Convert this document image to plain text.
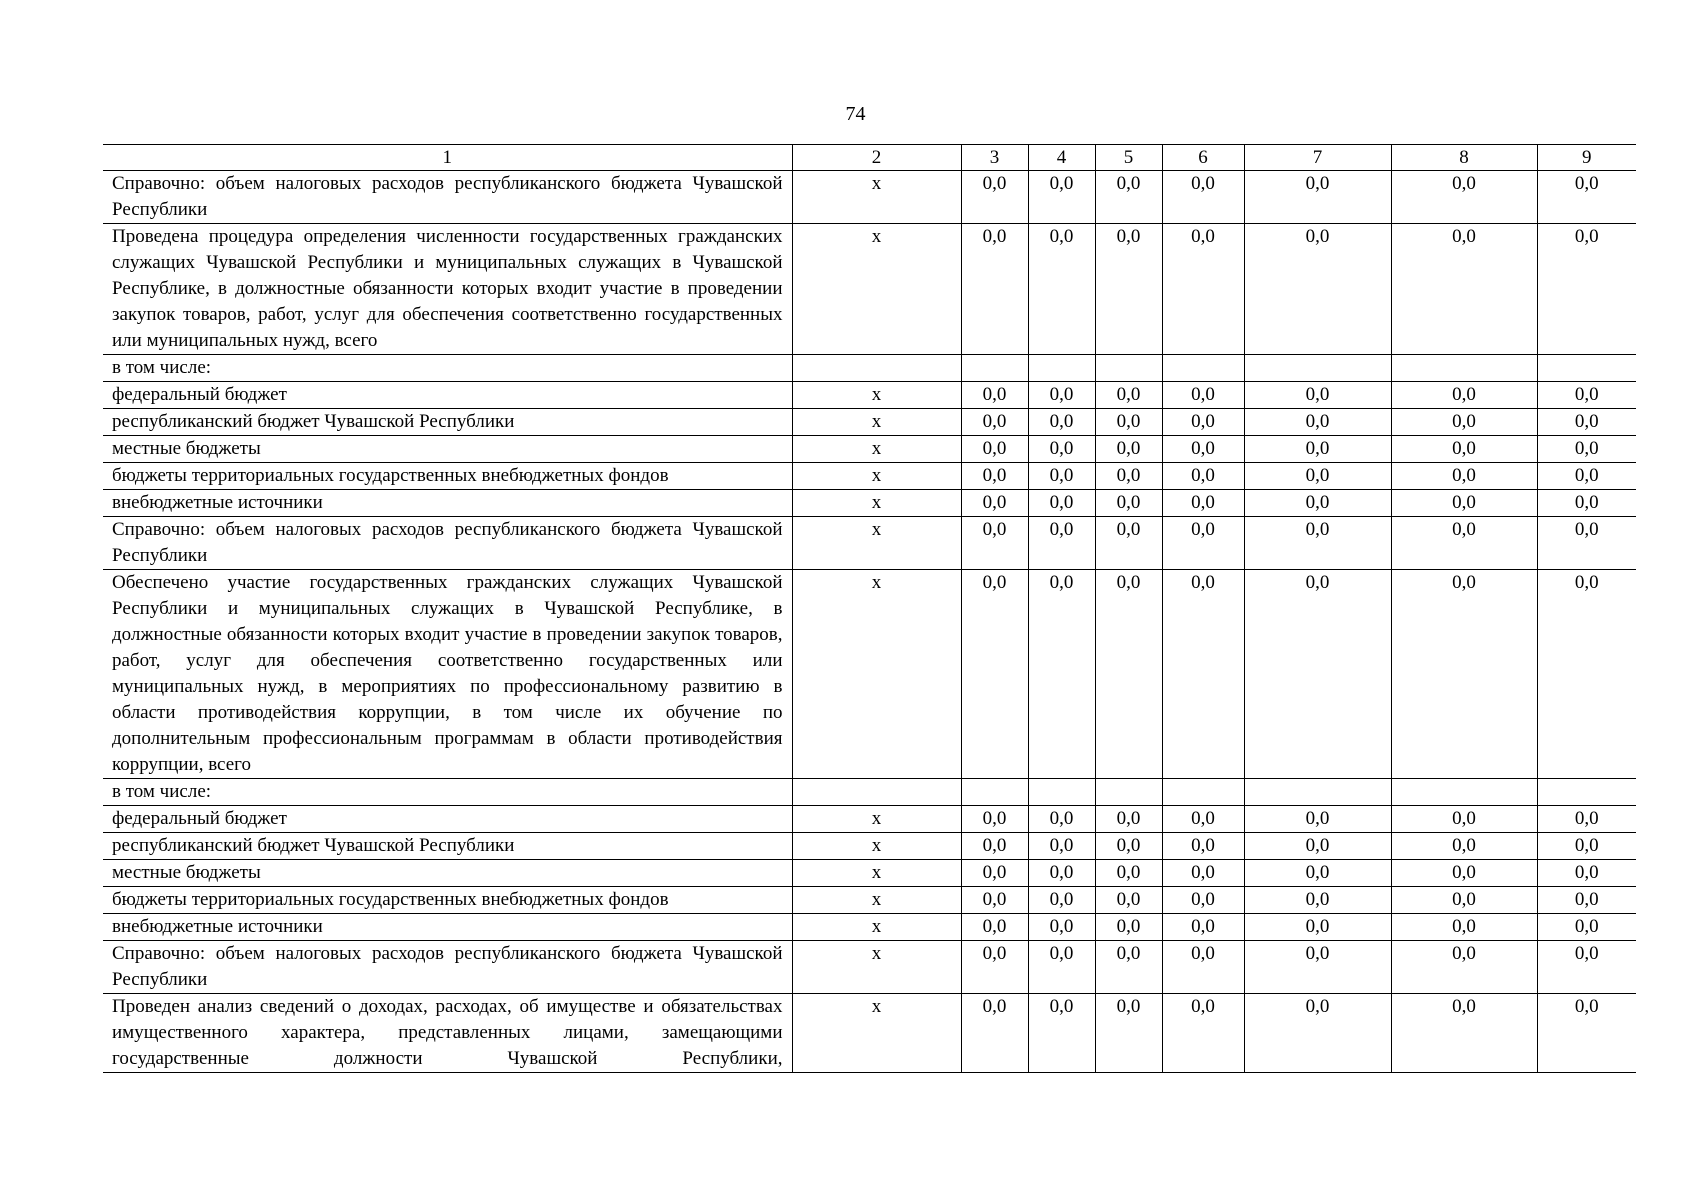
74
1	2	3	4	5	6	7	8	9
Справочно: объем налоговых расходов республиканского бюджета Чувашской Республики	x	0,0	0,0	0,0	0,0	0,0	0,0	0,0
Проведена процедура определения численности государственных гражданских служащих Чувашской Республики и муниципальных служащих в Чувашской Республике, в должностные обязанности которых входит участие в проведении закупок товаров, работ, услуг для обеспечения соответственно государственных или муниципальных нужд, всего	x	0,0	0,0	0,0	0,0	0,0	0,0	0,0
в том числе:								
федеральный бюджет	x	0,0	0,0	0,0	0,0	0,0	0,0	0,0
республиканский бюджет Чувашской Республики	x	0,0	0,0	0,0	0,0	0,0	0,0	0,0
местные бюджеты	x	0,0	0,0	0,0	0,0	0,0	0,0	0,0
бюджеты территориальных государственных внебюджетных фондов	x	0,0	0,0	0,0	0,0	0,0	0,0	0,0
внебюджетные источники	x	0,0	0,0	0,0	0,0	0,0	0,0	0,0
Справочно: объем налоговых расходов республиканского бюджета Чувашской Республики	x	0,0	0,0	0,0	0,0	0,0	0,0	0,0
Обеспечено участие государственных гражданских служащих Чувашской Республики и муниципальных служащих в Чувашской Республике, в должностные обязанности которых входит участие в проведении закупок товаров, работ, услуг для обеспечения соответственно государственных или муниципальных нужд, в мероприятиях по профессиональному развитию в области противодействия коррупции, в том числе их обучение по дополнительным профессиональным программам в области противодействия коррупции, всего	x	0,0	0,0	0,0	0,0	0,0	0,0	0,0
в том числе:								
федеральный бюджет	x	0,0	0,0	0,0	0,0	0,0	0,0	0,0
республиканский бюджет Чувашской Республики	x	0,0	0,0	0,0	0,0	0,0	0,0	0,0
местные бюджеты	x	0,0	0,0	0,0	0,0	0,0	0,0	0,0
бюджеты территориальных государственных внебюджетных фондов	x	0,0	0,0	0,0	0,0	0,0	0,0	0,0
внебюджетные источники	x	0,0	0,0	0,0	0,0	0,0	0,0	0,0
Справочно: объем налоговых расходов республиканского бюджета Чувашской Республики	x	0,0	0,0	0,0	0,0	0,0	0,0	0,0
Проведен анализ сведений о доходах, расходах, об имуществе и обязательствах имущественного характера, представленных лицами, замещающими государственные должности Чувашской Республики,	x	0,0	0,0	0,0	0,0	0,0	0,0	0,0
